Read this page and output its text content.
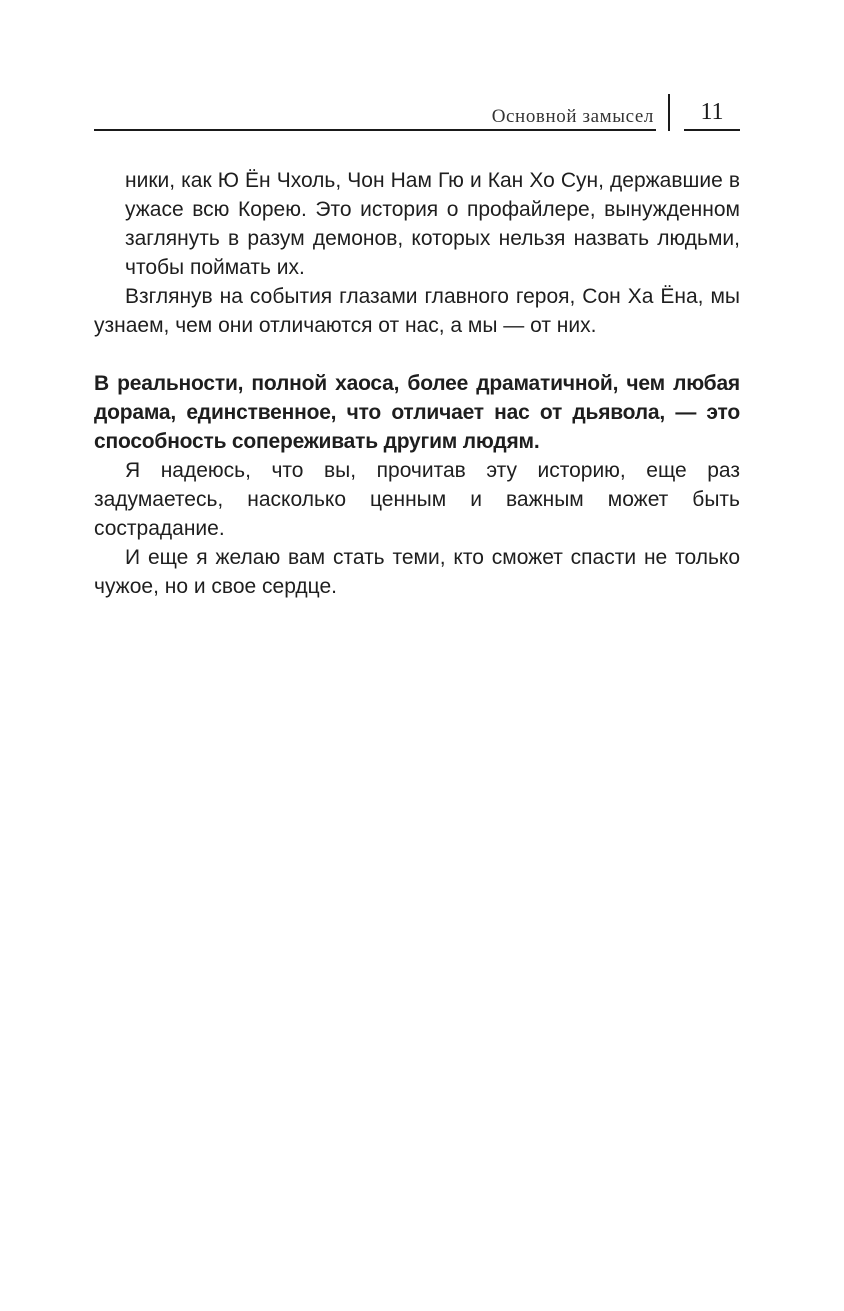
Основной замысел	11

ники, как Ю Ён Чхоль, Чон Нам Гю и Кан Хо Сун, державшие в ужасе всю Корею. Это история о профайлере, вынужденном заглянуть в разум демонов, которых нельзя назвать людьми, чтобы поймать их.

Взглянув на события глазами главного героя, Сон Ха Ёна, мы узнаем, чем они отличаются от нас, а мы — от них.

В реальности, полной хаоса, более драматичной, чем любая дорама, единственное, что отличает нас от дьявола, — это способность сопереживать другим людям.

Я надеюсь, что вы, прочитав эту историю, еще раз задумаетесь, насколько ценным и важным может быть сострадание.

И еще я желаю вам стать теми, кто сможет спасти не только чужое, но и свое сердце.
